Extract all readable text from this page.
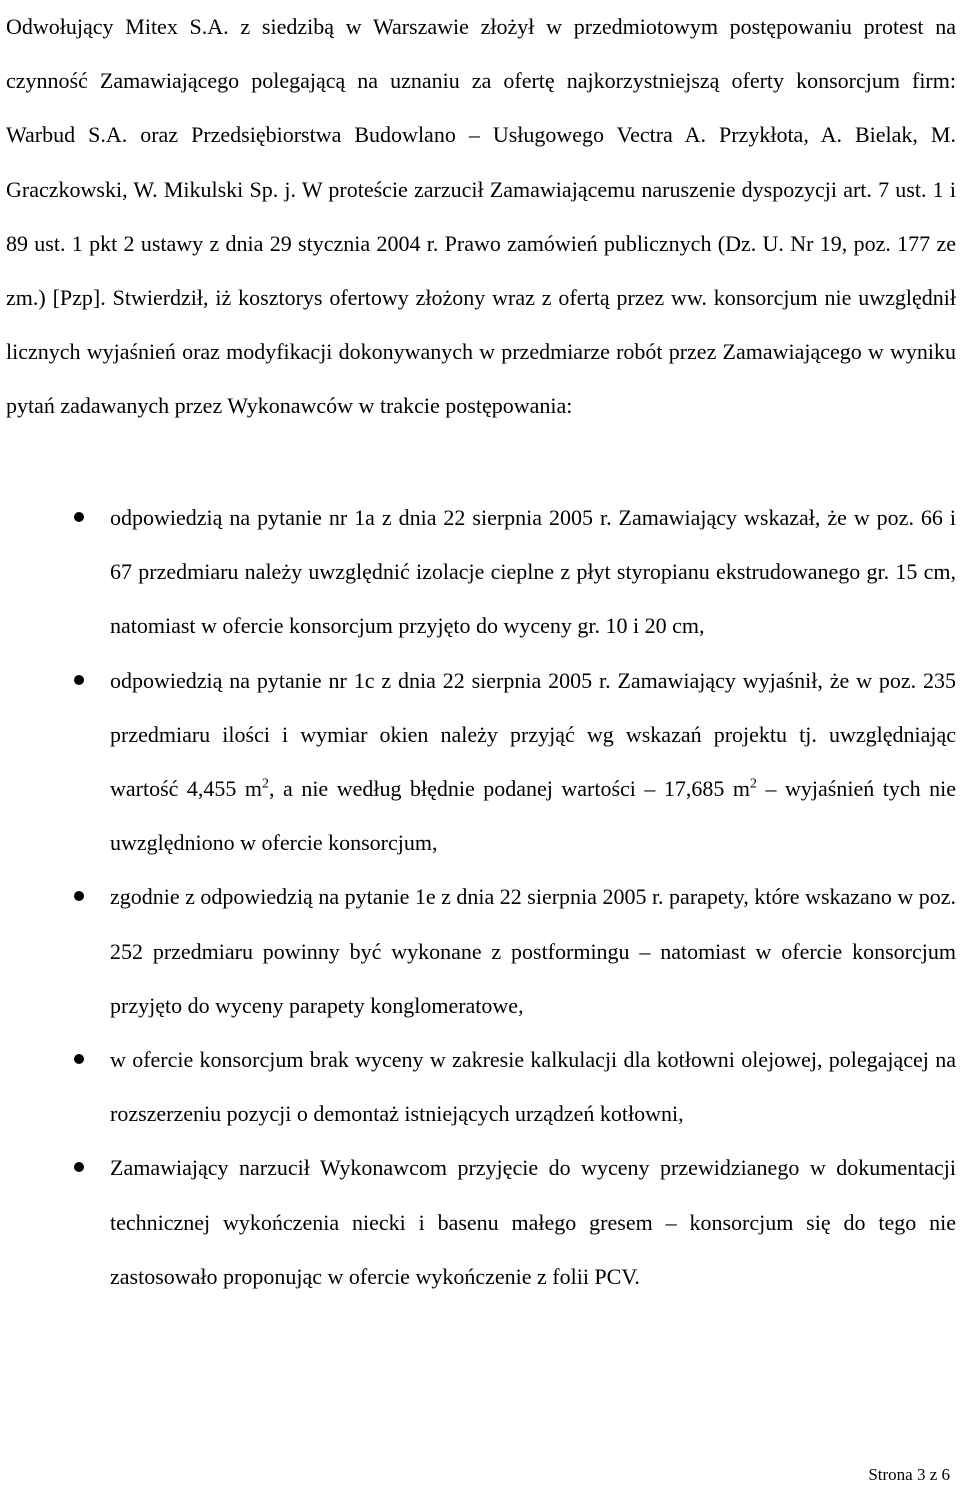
Odwołujący Mitex S.A. z siedzibą w Warszawie złożył w przedmiotowym postępowaniu protest na czynność Zamawiającego polegającą na uznaniu za ofertę najkorzystniejszą oferty konsorcjum firm: Warbud S.A. oraz Przedsiębiorstwa Budowlano – Usługowego Vectra A. Przykłota, A. Bielak, M. Graczkowski, W. Mikulski Sp. j. W proteście zarzucił Zamawiającemu naruszenie dyspozycji art. 7 ust. 1 i 89 ust. 1 pkt 2 ustawy z dnia 29 stycznia 2004 r. Prawo zamówień publicznych (Dz. U. Nr 19, poz. 177 ze zm.) [Pzp]. Stwierdził, iż kosztorys ofertowy złożony wraz z ofertą przez ww. konsorcjum nie uwzględnił licznych wyjaśnień oraz modyfikacji dokonywanych w przedmiarze robót przez Zamawiającego w wyniku pytań zadawanych przez Wykonawców w trakcie postępowania:

odpowiedzią na pytanie nr 1a z dnia 22 sierpnia 2005 r. Zamawiający wskazał, że w poz. 66 i 67 przedmiaru należy uwzględnić izolacje cieplne z płyt styropianu ekstrudowanego gr. 15 cm, natomiast w ofercie konsorcjum przyjęto do wyceny gr. 10 i 20 cm,
odpowiedzią na pytanie nr 1c z dnia 22 sierpnia 2005 r. Zamawiający wyjaśnił, że w poz. 235 przedmiaru ilości i wymiar okien należy przyjąć wg wskazań projektu tj. uwzględniając wartość 4,455 $m^2$, a nie według błędnie podanej wartości – 17,685 $m^2$ – wyjaśnień tych nie uwzględniono w ofercie konsorcjum,
zgodnie z odpowiedzią na pytanie 1e z dnia 22 sierpnia 2005 r. parapety, które wskazano w poz. 252 przedmiaru powinny być wykonane z postformingu – natomiast w ofercie konsorcjum przyjęto do wyceny parapety konglomeratowe,
w ofercie konsorcjum brak wyceny w zakresie kalkulacji dla kotłowni olejowej, polegającej na rozszerzeniu pozycji o demontaż istniejących urządzeń kotłowni,
Zamawiający narzucił Wykonawcom przyjęcie do wyceny przewidzianego w dokumentacji technicznej wykończenia niecki i basenu małego gresem – konsorcjum się do tego nie zastosowało proponując w ofercie wykończenie z folii PCV.
Strona 3 z 6
